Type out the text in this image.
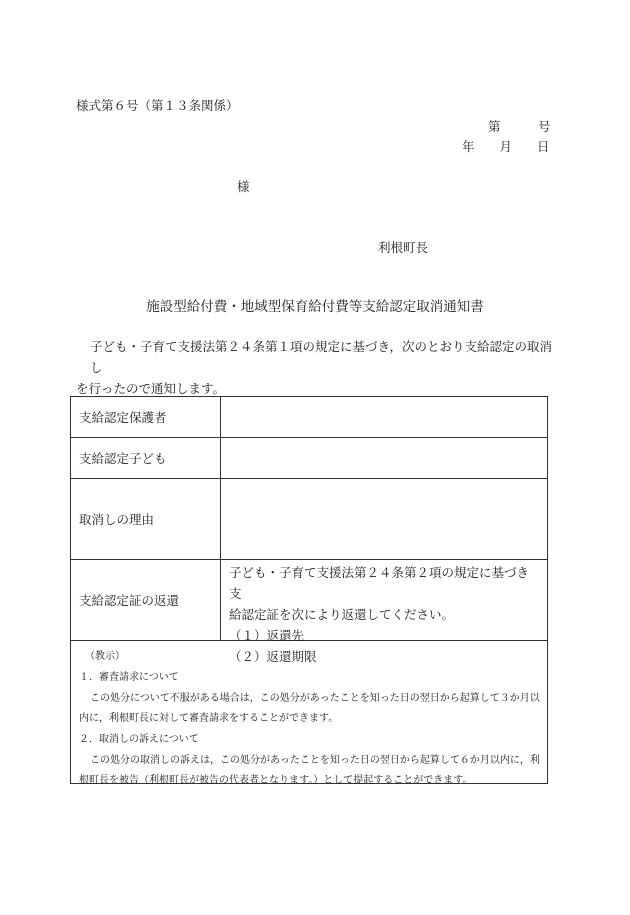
様式第６号（第１３条関係）
第　　　号
年　　月　　日
様
利根町長
施設型給付費・地域型保育給付費等支給認定取消通知書
子ども・子育て支援法第２４条第１項の規定に基づき，次のとおり支給認定の取消し
を行ったので通知します。
支給認定保護者
支給認定子ども
取消しの理由
支給認定証の返還
子ども・子育て支援法第２４条第２項の規定に基づき支
給認定証を次により返還してください。
（１）返還先
（２）返還期限
（教示）
１．審査請求について
この処分について不服がある場合は，この処分があったことを知った日の翌日から起算して３か月以
内に，利根町長に対して審査請求をすることができます。
２．取消しの訴えについて
この処分の取消しの訴えは，この処分があったことを知った日の翌日から起算して６か月以内に，利
根町長を被告（利根町長が被告の代表者となります。）として提起することができます。
